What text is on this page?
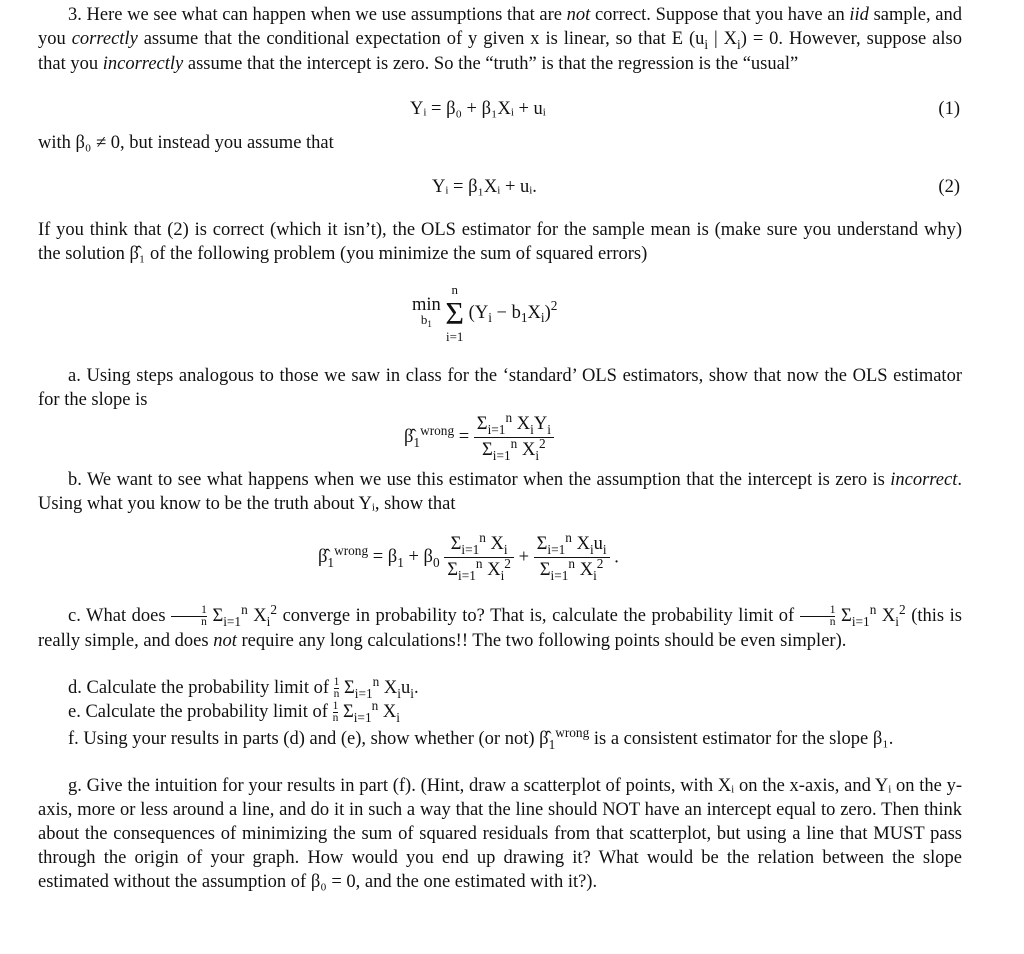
3. Here we see what can happen when we use assumptions that are not correct. Suppose that you have an iid sample, and you correctly assume that the conditional expectation of y given x is linear, so that E ($u_i$ | $X_i) = 0$. However, suppose also that you incorrectly assume that the intercept is zero. So the “truth” is that the regression is the “usual”

Yᵢ = β₀ + β₁Xᵢ + uᵢ	(1)
with β₀ ≠ 0, but instead you assume that
Yᵢ = β₁Xᵢ + uᵢ.	(2)

If you think that (2) is correct (which it isn’t), the OLS estimator for the sample mean is (make sure you understand why) the solution β̂₁ of the following problem (you minimize the sum of squared errors)

min
$b_1$ n
Σ
i=1 $(Y_i - b_1X_i)^2$

a. Using steps analogous to those we saw in class for the ‘standard’ OLS estimators, show that now the OLS estimator for the slope is

$\betâ_1^{wrong} = \frac{\Sigma_{i=1}^n X_iY_i}{\Sigma_{i=1}^n X_i^2}$

b. We want to see what happens when we use this estimator when the assumption that the intercept is zero is incorrect. Using what you know to be the truth about Yᵢ, show that

$\betâ_1^{wrong} = \beta_1 + \beta_0 \frac{\Sigma_{i=1}^n X_i}{\Sigma_{i=1}^n X_i^2} + \frac{\Sigma_{i=1}^n X_iu_i}{\Sigma_{i=1}^n X_i^2}$ .

c. What does $\frac{1}{n} \Sigma_{i=1}^n$ $X_i^2$ converge in probability to? That is, calculate the probability limit of $\frac{1}{n} \Sigma_{i=1}^n$ $X_i^2$ (this is really simple, and does not require any long calculations!! The two following points should be even simpler).

d. Calculate the probability limit of $\frac{1}{n} \Sigma_{i=1}^n$ $X_iu_i$.
e. Calculate the probability limit of $\frac{1}{n} \Sigma_{i=1}^n$ $X_i$

f. Using your results in parts (d) and (e), show whether (or not) $\betâ_1^{wrong}$ is a consistent estimator for the slope β₁.

g. Give the intuition for your results in part (f). (Hint, draw a scatterplot of points, with Xᵢ on the x-axis, and Yᵢ on the y-axis, more or less around a line, and do it in such a way that the line should NOT have an intercept equal to zero. Then think about the consequences of minimizing the sum of squared residuals from that scatterplot, but using a line that MUST pass through the origin of your graph. How would you end up drawing it? What would be the relation between the slope estimated without the assumption of β₀ = 0, and the one estimated with it?).
